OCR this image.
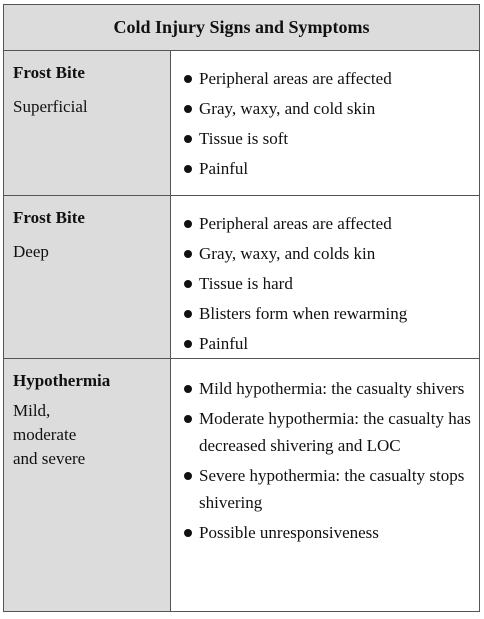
Cold Injury Signs and Symptoms
Frost Bite
Superficial
Peripheral areas are affected
Gray, waxy, and cold skin
Tissue is soft
Painful
Frost Bite
Deep
Peripheral areas are affected
Gray, waxy, and colds kin
Tissue is hard
Blisters form when rewarming
Painful
Hypothermia
Mild,
moderate
and severe
Mild hypothermia: the casualty shivers
Moderate hypothermia: the casualty has decreased shivering and LOC
Severe hypothermia: the casualty stops shivering
Possible unresponsiveness
